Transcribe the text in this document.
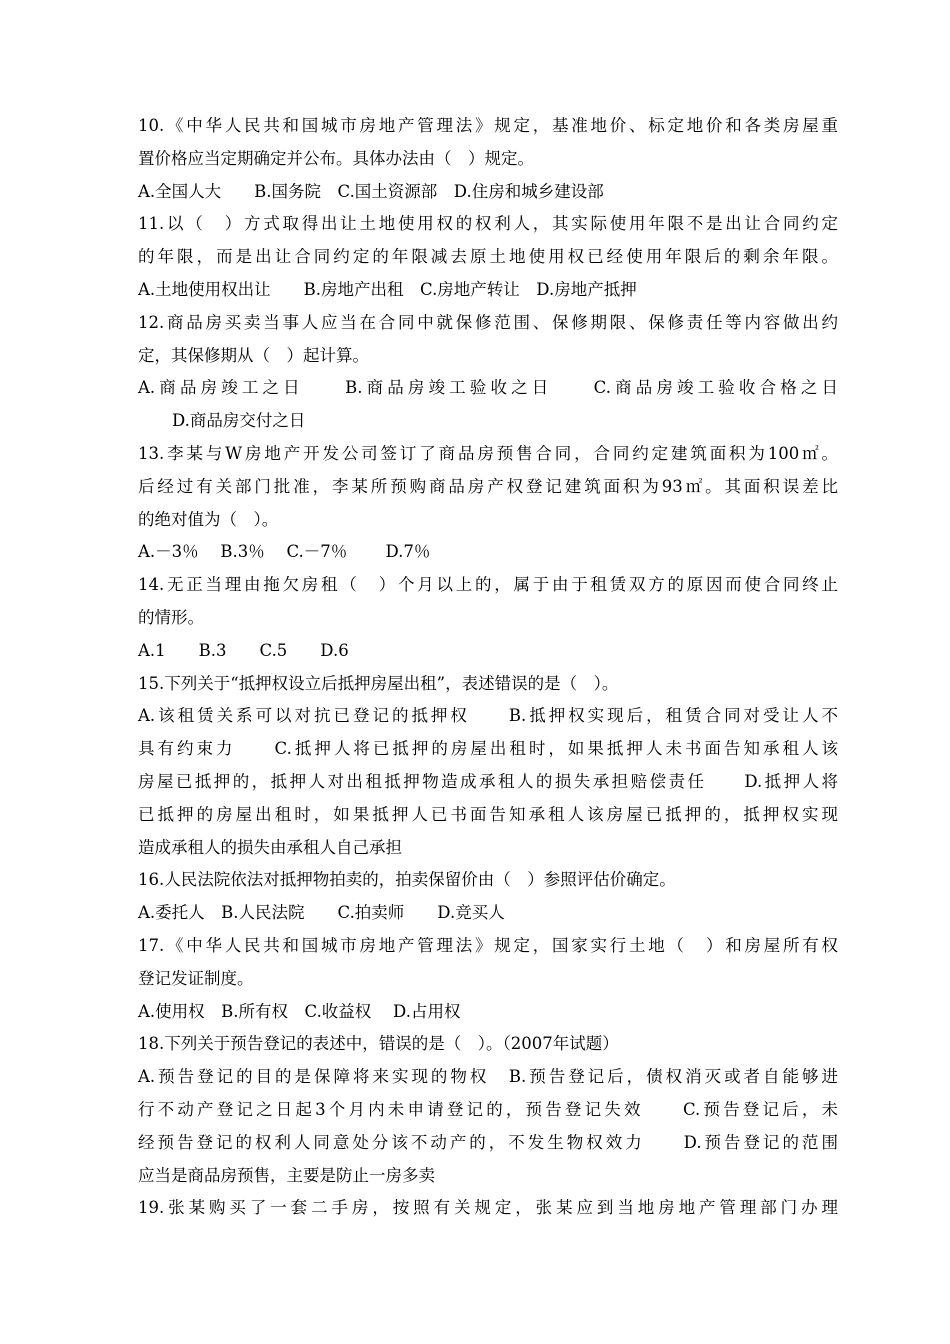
10.《中华人民共和国城市房地产管理法》规定，基准地价、标定地价和各类房屋重
置价格应当定期确定并公布。具体办法由（　）规定。
A.全国人大　　B.国务院　C.国土资源部　D.住房和城乡建设部
11.以（　）方式取得出让土地使用权的权利人，其实际使用年限不是出让合同约定
的年限，而是出让合同约定的年限减去原土地使用权已经使用年限后的剩余年限。
A.土地使用权出让　　B.房地产出租　C.房地产转让　D.房地产抵押
12.商品房买卖当事人应当在合同中就保修范围、保修期限、保修责任等内容做出约
定，其保修期从（　）起计算。
A.商品房竣工之日　　B.商品房竣工验收之日　　C.商品房竣工验收合格之日
D.商品房交付之日
13.李某与W房地产开发公司签订了商品房预售合同，合同约定建筑面积为100㎡。
后经过有关部门批准，李某所预购商品房产权登记建筑面积为93㎡。其面积误差比
的绝对值为（　）。
A.－3％　 B.3％　 C.－7％　　 D.7％
14.无正当理由拖欠房租（　）个月以上的，属于由于租赁双方的原因而使合同终止
的情形。
A.1　　B.3　　C.5　　D.6
15.下列关于“抵押权设立后抵押房屋出租”，表述错误的是（　）。
A.该租赁关系可以对抗已登记的抵押权　　B.抵押权实现后，租赁合同对受让人不
具有约束力　　C.抵押人将已抵押的房屋出租时，如果抵押人未书面告知承租人该
房屋已抵押的，抵押人对出租抵押物造成承租人的损失承担赔偿责任　　D.抵押人将
已抵押的房屋出租时，如果抵押人已书面告知承租人该房屋已抵押的，抵押权实现
造成承租人的损失由承租人自己承担
16.人民法院依法对抵押物拍卖的，拍卖保留价由（　）参照评估价确定。
A.委托人　B.人民法院　　C.拍卖师　　D.竞买人
17.《中华人民共和国城市房地产管理法》规定，国家实行土地（　）和房屋所有权
登记发证制度。
A.使用权　B.所有权　C.收益权　 D.占用权
18.下列关于预告登记的表述中，错误的是（　）。（2007年试题）
A.预告登记的目的是保障将来实现的物权　B.预告登记后，债权消灭或者自能够进
行不动产登记之日起3个月内未申请登记的，预告登记失效　　C.预告登记后，未
经预告登记的权利人同意处分该不动产的，不发生物权效力　　D.预告登记的范围
应当是商品房预售，主要是防止一房多卖
19.张某购买了一套二手房，按照有关规定，张某应到当地房地产管理部门办理
